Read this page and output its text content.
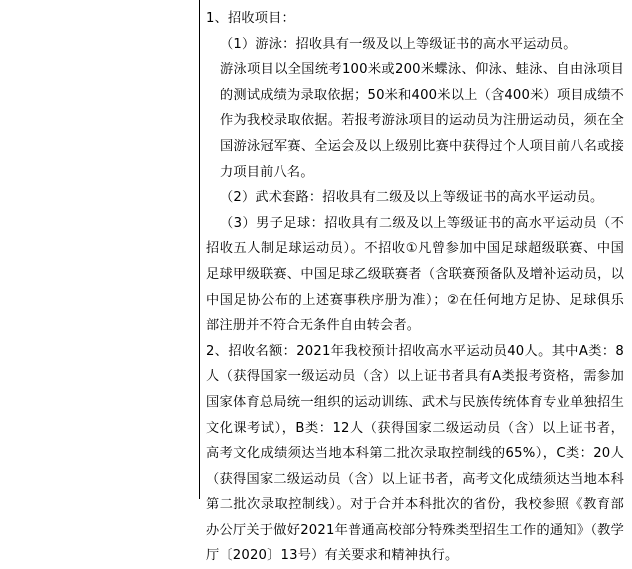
1、招收项目：

（1）游泳：招收具有一级及以上等级证书的高水平运动员。

游泳项目以全国统考100米或200米蝶泳、仰泳、蛙泳、自由泳项目的测试成绩为录取依据；50米和400米以上（含400米）项目成绩不作为我校录取依据。若报考游泳项目的运动员为注册运动员，须在全国游泳冠军赛、全运会及以上级别比赛中获得过个人项目前八名或接力项目前八名。

（2）武术套路：招收具有二级及以上等级证书的高水平运动员。

（3）男子足球：招收具有二级及以上等级证书的高水平运动员（不招收五人制足球运动员）。不招收①凡曾参加中国足球超级联赛、中国足球甲级联赛、中国足球乙级联赛者（含联赛预备队及增补运动员，以中国足协公布的上述赛事秩序册为准）；②在任何地方足协、足球俱乐部注册并不符合无条件自由转会者。

2、招收名额：2021年我校预计招收高水平运动员40人。其中A类：8人（获得国家一级运动员（含）以上证书者具有A类报考资格，需参加国家体育总局统一组织的运动训练、武术与民族传统体育专业单独招生文化课考试），B类：12人（获得国家二级运动员（含）以上证书者，高考文化成绩须达当地本科第二批次录取控制线的65%），C类：20人（获得国家二级运动员（含）以上证书者，高考文化成绩须达当地本科第二批次录取控制线）。对于合并本科批次的省份，我校参照《教育部办公厅关于做好2021年普通高校部分特殊类型招生工作的通知》（教学厅〔2020〕13号）有关要求和精神执行。
